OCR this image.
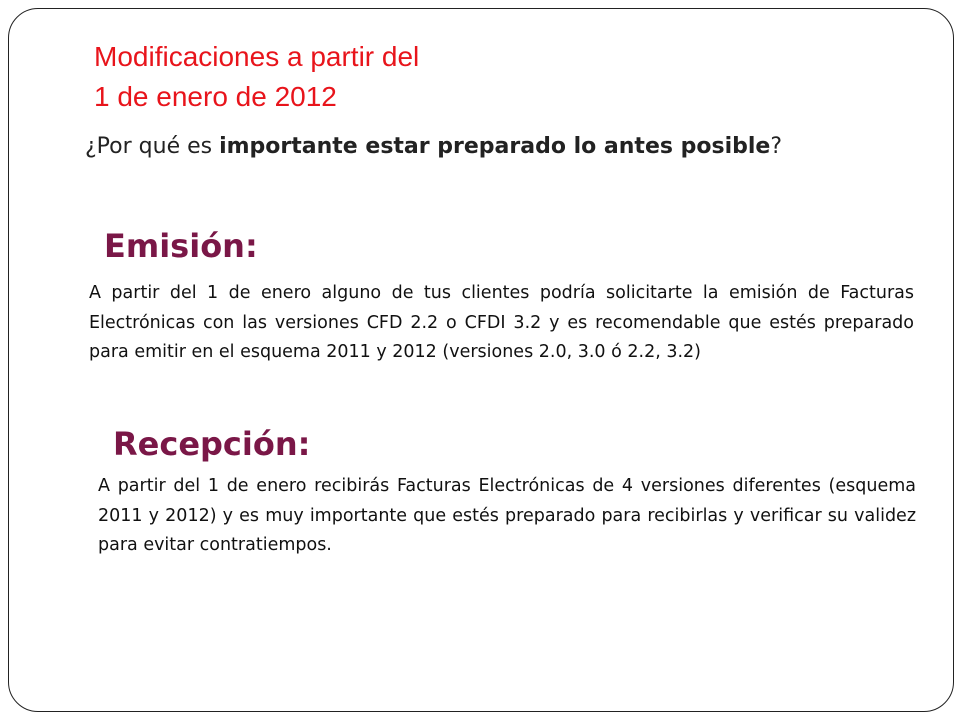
Modificaciones a partir del
1 de enero de 2012

¿Por qué es importante estar preparado lo antes posible?

Emisión:

A partir del 1 de enero alguno de tus clientes podría solicitarte la emisión de Facturas Electrónicas con las versiones CFD 2.2 o CFDI 3.2 y es recomendable que estés preparado para emitir en el esquema 2011 y 2012 (versiones 2.0, 3.0 ó 2.2, 3.2)

Recepción:

A partir del 1 de enero recibirás Facturas Electrónicas de 4 versiones diferentes (esquema 2011 y 2012) y es muy importante que estés preparado para recibirlas y verificar su validez para evitar contratiempos.
